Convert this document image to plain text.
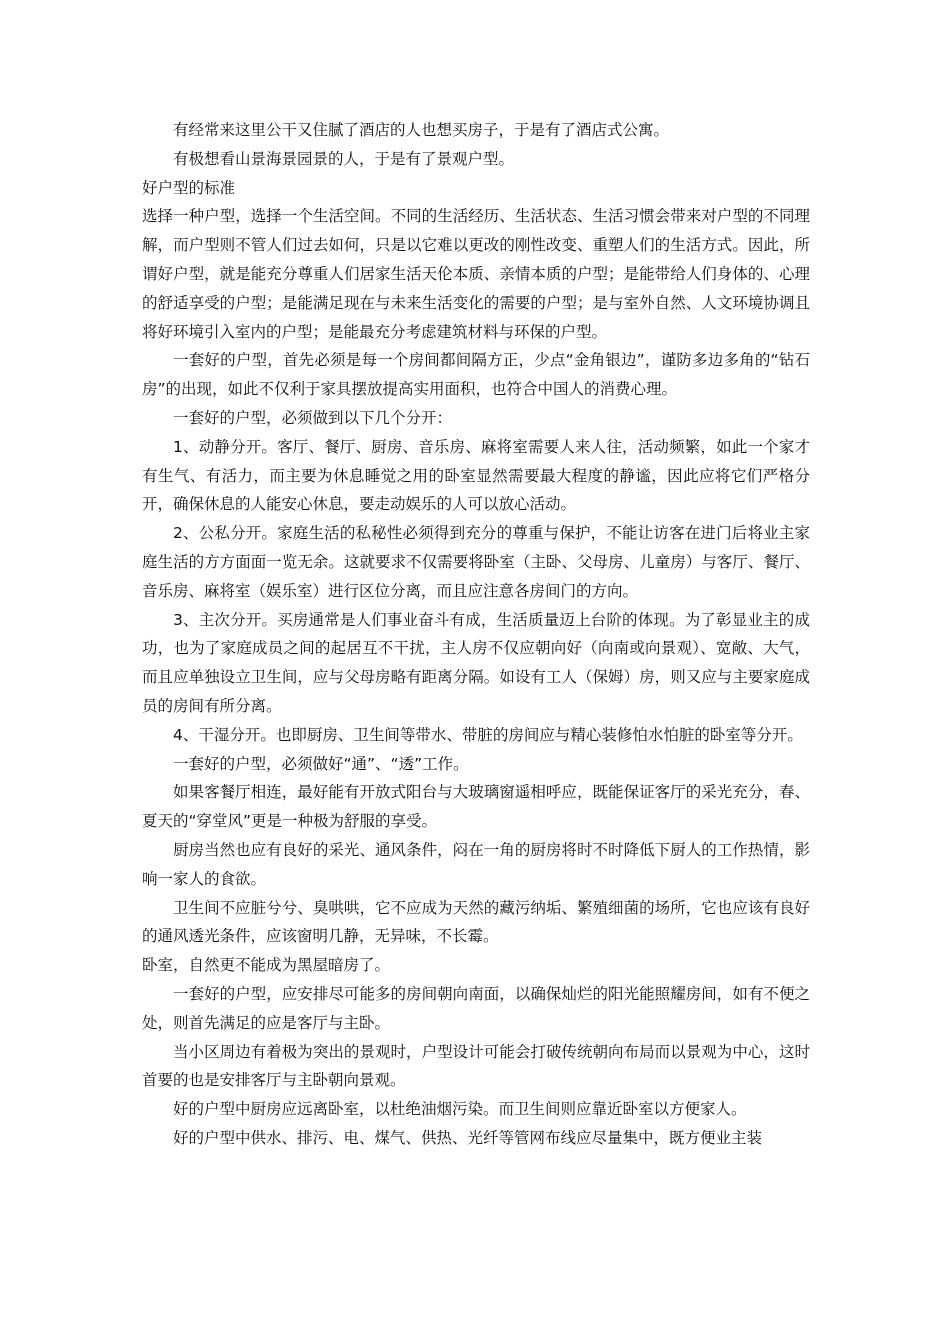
有经常来这里公干又住腻了酒店的人也想买房子，于是有了酒店式公寓。

有极想看山景海景园景的人，于是有了景观户型。

好户型的标准

选择一种户型，选择一个生活空间。不同的生活经历、生活状态、生活习惯会带来对户型的不同理解，而户型则不管人们过去如何，只是以它难以更改的刚性改变、重塑人们的生活方式。因此，所谓好户型，就是能充分尊重人们居家生活天伦本质、亲情本质的户型；是能带给人们身体的、心理的舒适享受的户型；是能满足现在与未来生活变化的需要的户型；是与室外自然、人文环境协调且将好环境引入室内的户型；是能最充分考虑建筑材料与环保的户型。

一套好的户型，首先必须是每一个房间都间隔方正，少点“金角银边”，谨防多边多角的“钻石房”的出现，如此不仅利于家具摆放提高实用面积，也符合中国人的消费心理。

一套好的户型，必须做到以下几个分开：

1、动静分开。客厅、餐厅、厨房、音乐房、麻将室需要人来人往，活动频繁，如此一个家才有生气、有活力，而主要为休息睡觉之用的卧室显然需要最大程度的静谧，因此应将它们严格分开，确保休息的人能安心休息，要走动娱乐的人可以放心活动。

2、公私分开。家庭生活的私秘性必须得到充分的尊重与保护，不能让访客在进门后将业主家庭生活的方方面面一览无余。这就要求不仅需要将卧室（主卧、父母房、儿童房）与客厅、餐厅、音乐房、麻将室（娱乐室）进行区位分离，而且应注意各房间门的方向。

3、主次分开。买房通常是人们事业奋斗有成，生活质量迈上台阶的体现。为了彰显业主的成功，也为了家庭成员之间的起居互不干扰，主人房不仅应朝向好（向南或向景观）、宽敞、大气，而且应单独设立卫生间，应与父母房略有距离分隔。如设有工人（保姆）房，则又应与主要家庭成员的房间有所分离。

4、干湿分开。也即厨房、卫生间等带水、带脏的房间应与精心装修怕水怕脏的卧室等分开。

一套好的户型，必须做好“通”、“透”工作。

如果客餐厅相连，最好能有开放式阳台与大玻璃窗遥相呼应，既能保证客厅的采光充分，春、夏天的“穿堂风”更是一种极为舒服的享受。

厨房当然也应有良好的采光、通风条件，闷在一角的厨房将时不时降低下厨人的工作热情，影响一家人的食欲。

卫生间不应脏兮兮、臭哄哄，它不应成为天然的藏污纳垢、繁殖细菌的场所，它也应该有良好的通风透光条件，应该窗明几静，无异味，不长霉。

卧室，自然更不能成为黑屋暗房了。

一套好的户型，应安排尽可能多的房间朝向南面，以确保灿烂的阳光能照耀房间，如有不便之处，则首先满足的应是客厅与主卧。

当小区周边有着极为突出的景观时，户型设计可能会打破传统朝向布局而以景观为中心，这时首要的也是安排客厅与主卧朝向景观。

好的户型中厨房应远离卧室，以杜绝油烟污染。而卫生间则应靠近卧室以方便家人。

好的户型中供水、排污、电、煤气、供热、光纤等管网布线应尽量集中，既方便业主装
